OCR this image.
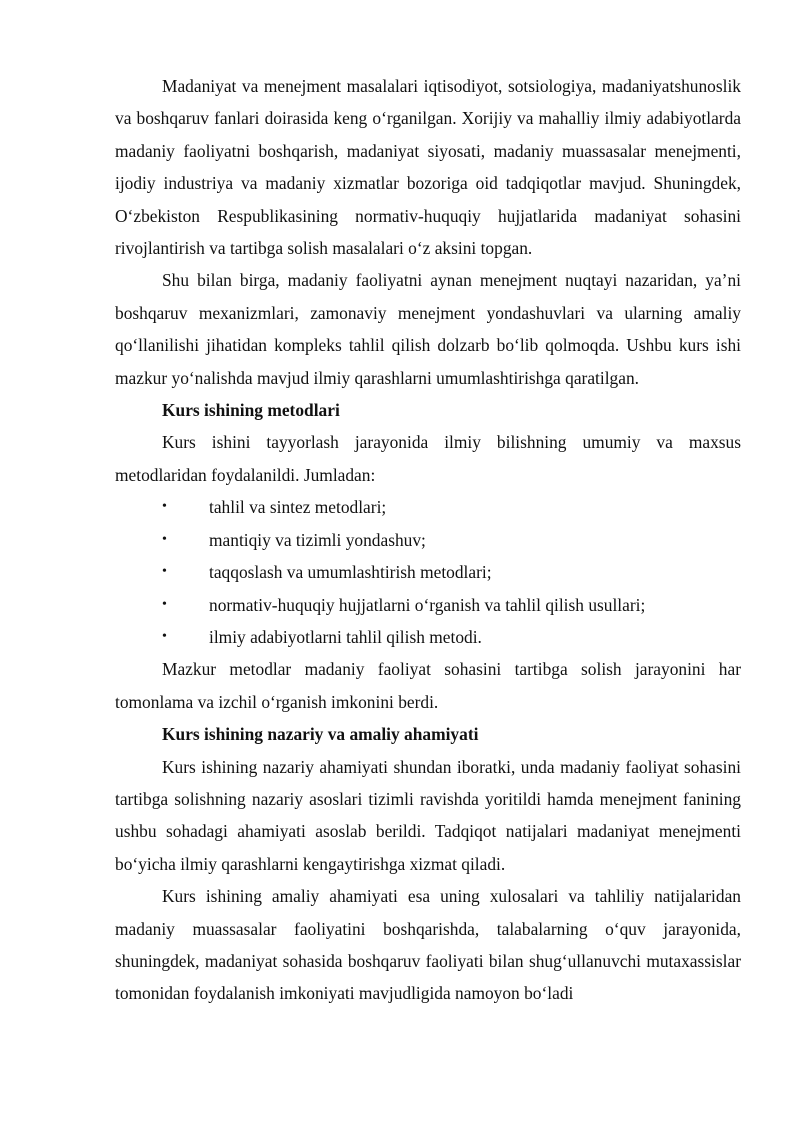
Madaniyat va menejment masalalari iqtisodiyot, sotsiologiya, madaniyatshunoslik va boshqaruv fanlari doirasida keng o‘rganilgan. Xorijiy va mahalliy ilmiy adabiyotlarda madaniy faoliyatni boshqarish, madaniyat siyosati, madaniy muassasalar menejmenti, ijodiy industriya va madaniy xizmatlar bozoriga oid tadqiqotlar mavjud. Shuningdek, O‘zbekiston Respublikasining normativ-huquqiy hujjatlarida madaniyat sohasini rivojlantirish va tartibga solish masalalari o‘z aksini topgan.

Shu bilan birga, madaniy faoliyatni aynan menejment nuqtayi nazaridan, ya’ni boshqaruv mexanizmlari, zamonaviy menejment yondashuvlari va ularning amaliy qo‘llanilishi jihatidan kompleks tahlil qilish dolzarb bo‘lib qolmoqda. Ushbu kurs ishi mazkur yo‘nalishda mavjud ilmiy qarashlarni umumlashtirishga qaratilgan.

Kurs ishining metodlari

Kurs ishini tayyorlash jarayonida ilmiy bilishning umumiy va maxsus metodlaridan foydalanildi. Jumladan:

• tahlil va sintez metodlari;
• mantiqiy va tizimli yondashuv;
• taqqoslash va umumlashtirish metodlari;
• normativ-huquqiy hujjatlarni o‘rganish va tahlil qilish usullari;
• ilmiy adabiyotlarni tahlil qilish metodi.

Mazkur metodlar madaniy faoliyat sohasini tartibga solish jarayonini har tomonlama va izchil o‘rganish imkonini berdi.

Kurs ishining nazariy va amaliy ahamiyati

Kurs ishining nazariy ahamiyati shundan iboratki, unda madaniy faoliyat sohasini tartibga solishning nazariy asoslari tizimli ravishda yoritildi hamda menejment fanining ushbu sohadagi ahamiyati asoslab berildi. Tadqiqot natijalari madaniyat menejmenti bo‘yicha ilmiy qarashlarni kengaytirishga xizmat qiladi.

Kurs ishining amaliy ahamiyati esa uning xulosalari va tahliliy natijalaridan madaniy muassasalar faoliyatini boshqarishda, talabalarning o‘quv jarayonida, shuningdek, madaniyat sohasida boshqaruv faoliyati bilan shug‘ullanuvchi mutaxassislar tomonidan foydalanish imkoniyati mavjudligida namoyon bo‘ladi
